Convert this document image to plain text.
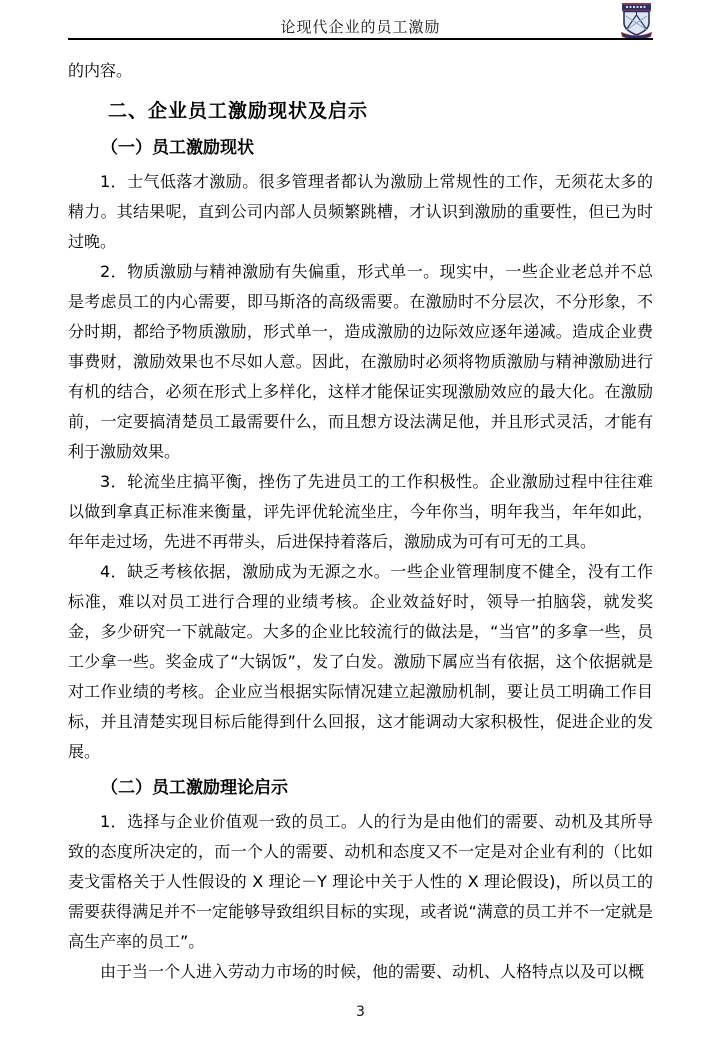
论现代企业的员工激励

的内容。

二、企业员工激励现状及启示
（一）员工激励现状

1．士气低落才激励。很多管理者都认为激励上常规性的工作，无须花太多的精力。其结果呢，直到公司内部人员频繁跳槽，才认识到激励的重要性，但已为时过晚。

2．物质激励与精神激励有失偏重，形式单一。现实中，一些企业老总并不总是考虑员工的内心需要，即马斯洛的高级需要。在激励时不分层次，不分形象，不分时期，都给予物质激励，形式单一，造成激励的边际效应逐年递减。造成企业费事费财，激励效果也不尽如人意。因此，在激励时必须将物质激励与精神激励进行有机的结合，必须在形式上多样化，这样才能保证实现激励效应的最大化。在激励前，一定要搞清楚员工最需要什么，而且想方设法满足他，并且形式灵活，才能有利于激励效果。

3．轮流坐庄搞平衡，挫伤了先进员工的工作积极性。企业激励过程中往往难以做到拿真正标准来衡量，评先评优轮流坐庄，今年你当，明年我当，年年如此，年年走过场，先进不再带头，后进保持着落后，激励成为可有可无的工具。

4．缺乏考核依据，激励成为无源之水。一些企业管理制度不健全，没有工作标准，难以对员工进行合理的业绩考核。企业效益好时，领导一拍脑袋，就发奖金，多少研究一下就敲定。大多的企业比较流行的做法是，“当官”的多拿一些，员工少拿一些。奖金成了“大锅饭”，发了白发。激励下属应当有依据，这个依据就是对工作业绩的考核。企业应当根据实际情况建立起激励机制，要让员工明确工作目标，并且清楚实现目标后能得到什么回报，这才能调动大家积极性，促进企业的发展。

（二）员工激励理论启示

1．选择与企业价值观一致的员工。人的行为是由他们的需要、动机及其所导致的态度所决定的，而一个人的需要、动机和态度又不一定是对企业有利的（比如麦戈雷格关于人性假设的 X 理论－Y 理论中关于人性的 X 理论假设)，所以员工的需要获得满足并不一定能够导致组织目标的实现，或者说“满意的员工并不一定就是高生产率的员工”。

由于当一个人进入劳动力市场的时候，他的需要、动机、人格特点以及可以概

3
